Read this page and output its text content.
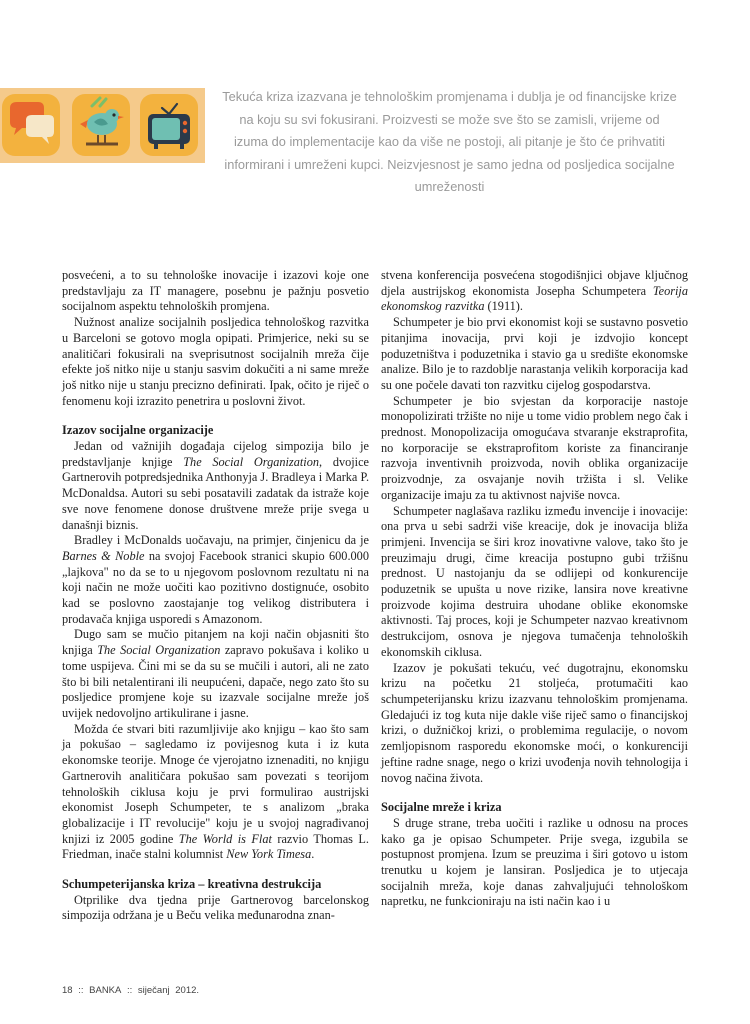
Tekuća kriza izazvana je tehnološkim promjenama i dublja je od financijske krize na koju su svi fokusirani. Proizvesti se može sve što se zamisli, vrijeme od izuma do implementacije kao da više ne postoji, ali pitanje je što će prihvatiti informirani i umreženi kupci. Neizvjesnost je samo jedna od posljedica socijalne umreženosti

posvećeni, a to su tehnološke inovacije i izazovi koje one predstavljaju za IT managere, posebnu je pažnju posvetio socijalnom aspektu tehnoloških promjena.

Nužnost analize socijalnih posljedica tehnološkog razvitka u Barceloni se gotovo mogla opipati. Primjerice, neki su se analitičari fokusirali na sveprisutnost socijalnih mreža čije efekte još nitko nije u stanju sasvim dokučiti a ni same mreže još nitko nije u stanju precizno definirati. Ipak, očito je riječ o fenomenu koji izrazito penetrira u poslovni život.

Izazov socijalne organizacije

Jedan od važnijih događaja cijelog simpozija bilo je predstavljanje knjige The Social Organization, dvojice Gartnerovih potpredsjednika Anthonyja J. Bradleya i Marka P. McDonaldsa. Autori su sebi posatavili zadatak da istraže koje sve nove fenomene donose društvene mreže prije svega u današnji biznis.

Bradley i McDonalds uočavaju, na primjer, činjenicu da je Barnes & Noble na svojoj Facebook stranici skupio 600.000 „lajkova" no da se to u njegovom poslovnom rezultatu ni na koji način ne može uočiti kao pozitivno dostignuće, osobito kad se poslovno zaostajanje tog velikog distributera i prodavača knjiga usporedi s Amazonom.

Dugo sam se mučio pitanjem na koji način objasniti što knjiga The Social Organization zapravo pokušava i koliko u tome uspijeva. Čini mi se da su se mučili i autori, ali ne zato što bi bili netalentirani ili neupućeni, dapače, nego zato što su posljedice promjene koje su izazvale socijalne mreže još uvijek nedovoljno artikulirane i jasne.

Možda će stvari biti razumljivije ako knjigu – kao što sam ja pokušao – sagledamo iz povijesnog kuta i iz kuta ekonomske teorije. Mnoge će vjerojatno iznenaditi, no knjigu Gartnerovih analitičara pokušao sam povezati s teorijom tehnoloških ciklusa koju je prvi formulirao austrijski ekonomist Joseph Schumpeter, te s analizom „braka globalizacije i IT revolucije" koju je u svojoj nagrađivanoj knjizi iz 2005 godine The World is Flat razvio Thomas L. Friedman, inače stalni kolumnist New York Timesa.

Schumpeterijanska kriza – kreativna destrukcija

Otprilike dva tjedna prije Gartnerovog barcelonskog simpozija održana je u Beču velika međunarodna znan-

stvena konferencija posvećena stogodišnjici objave ključnog djela austrijskog ekonomista Josepha Schumpetera Teorija ekonomskog razvitka (1911).

Schumpeter je bio prvi ekonomist koji se sustavno posvetio pitanjima inovacija, prvi koji je izdvojio koncept poduzetništva i poduzetnika i stavio ga u središte ekonomske analize. Bilo je to razdoblje narastanja velikih korporacija kad su one počele davati ton razvitku cijelog gospodarstva.

Schumpeter je bio svjestan da korporacije nastoje monopolizirati tržište no nije u tome vidio problem nego čak i prednost. Monopolizacija omogućava stvaranje ekstraprofita, no korporacije se ekstraprofitom koriste za financiranje razvoja inventivnih proizvoda, novih oblika organizacije proizvodnje, za osvajanje novih tržišta i sl. Velike organizacije imaju za tu aktivnost najviše novca.

Schumpeter naglašava razliku između invencije i inovacije: ona prva u sebi sadrži više kreacije, dok je inovacija bliža primjeni. Invencija se širi kroz inovativne valove, tako što je preuzimaju drugi, čime kreacija postupno gubi tržišnu prednost. U nastojanju da se odlijepi od konkurencije poduzetnik se upušta u nove rizike, lansira nove kreativne proizvode kojima destruira uhodane oblike ekonomske aktivnosti. Taj proces, koji je Schumpeter nazvao kreativnom destrukcijom, osnova je njegova tumačenja tehnoloških ekonomskih ciklusa.

Izazov je pokušati tekuću, već dugotrajnu, ekonomsku krizu na početku 21 stoljeća, protumačiti kao schumpeterijansku krizu izazvanu tehnološkim promjenama. Gledajući iz tog kuta nije dakle više riječ samo o financijskoj krizi, o dužničkoj krizi, o problemima regulacije, o novom zemljopisnom rasporedu ekonomske moći, o konkurenciji jeftine radne snage, nego o krizi uvođenja novih tehnologija i novog načina života.

Socijalne mreže i kriza

S druge strane, treba uočiti i razlike u odnosu na proces kako ga je opisao Schumpeter. Prije svega, izgubila se postupnost promjena. Izum se preuzima i širi gotovo u istom trenutku u kojem je lansiran. Posljedica je to utjecaja socijalnih mreža, koje danas zahvaljujući tehnološkom napretku, ne funkcioniraju na isti način kao i u

18 :: BANKA :: siječanj 2012.
